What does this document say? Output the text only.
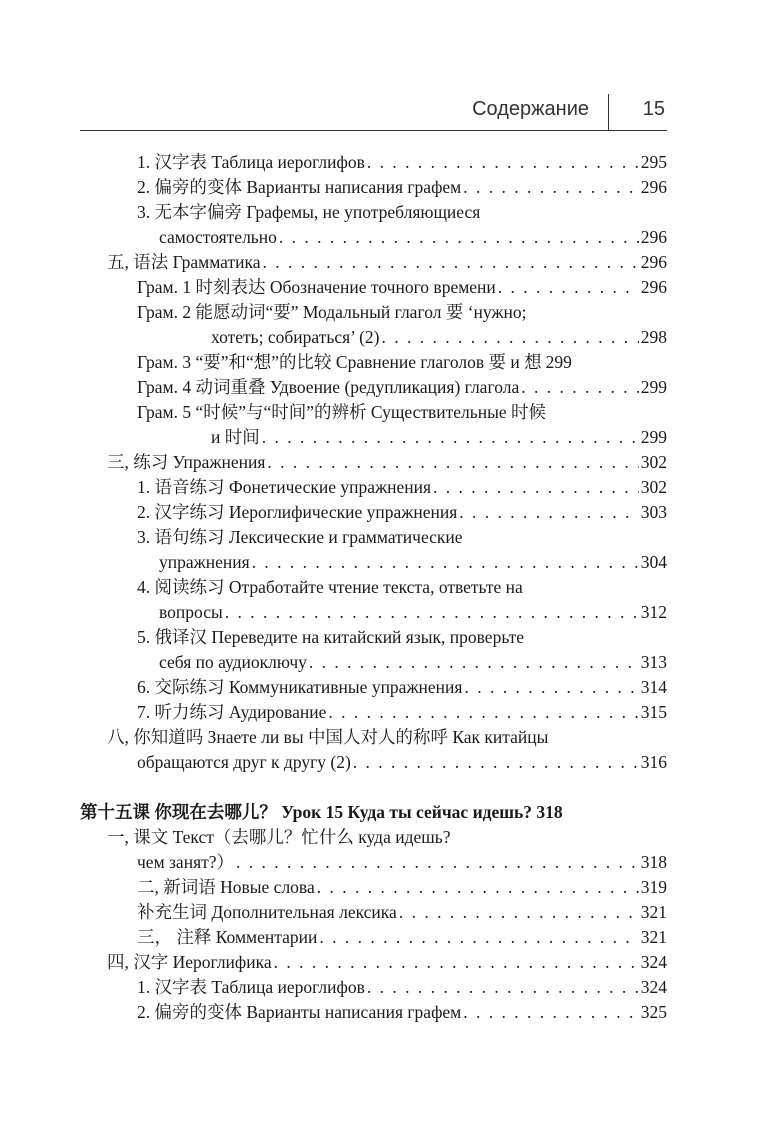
Содержание	15
1. 汉字表 Таблица иероглифов . . .	295
2. 偏旁的变体 Варианты написания графем . . .	296
3. 无本字偏旁 Графемы, не употребляющиеся
самостоятельно . . .	296
五, 语法 Грамматика . . .	296
Грам. 1 时刻表达 Обозначение точного времени . . .	296
Грам. 2 能愿动词“要” Модальный глагол 要 ‘нужно;
хотеть; собираться’ (2) . . .	298
Грам. 3 “要”和“想”的比较 Сравнение глаголов 要 и 想 299
Грам. 4 动词重叠 Удвоение (редупликация) глагола . . .	299
Грам. 5 “时候”与“时间”的辨析 Существительные 时候
и 时间 . . .	299
三, 练习 Упражнения . . .	302
1. 语音练习 Фонетические упражнения . . .	302
2. 汉字练习 Иероглифические упражнения . . .	303
3. 语句练习 Лексические и грамматические
упражнения . . .	304
4. 阅读练习 Отработайте чтение текста, ответьте на
вопросы . . .	312
5. 俄译汉 Переведите на китайский язык, проверьте
себя по аудиоключу . . .	313
6. 交际练习 Коммуникативные упражнения . . .	314
7. 听力练习 Аудирование . . .	315
八, 你知道吗 Знаете ли вы 中国人对人的称呼 Как китайцы
обращаются друг к другу (2) . . .	316
第十五课 你现在去哪儿？ Урок 15 Куда ты сейчас идешь? 318
一, 课文 Текст（去哪儿？忙什么 куда идешь?
чем занят?） . . .	318
二, 新词语 Новые слова . . .	319
补充生词 Дополнительная лексика . . .	321
三， 注释 Комментарии . . .	321
四, 汉字 Иероглифика . . .	324
1. 汉字表 Таблица иероглифов . . .	324
2. 偏旁的变体 Варианты написания графем . . .	325
